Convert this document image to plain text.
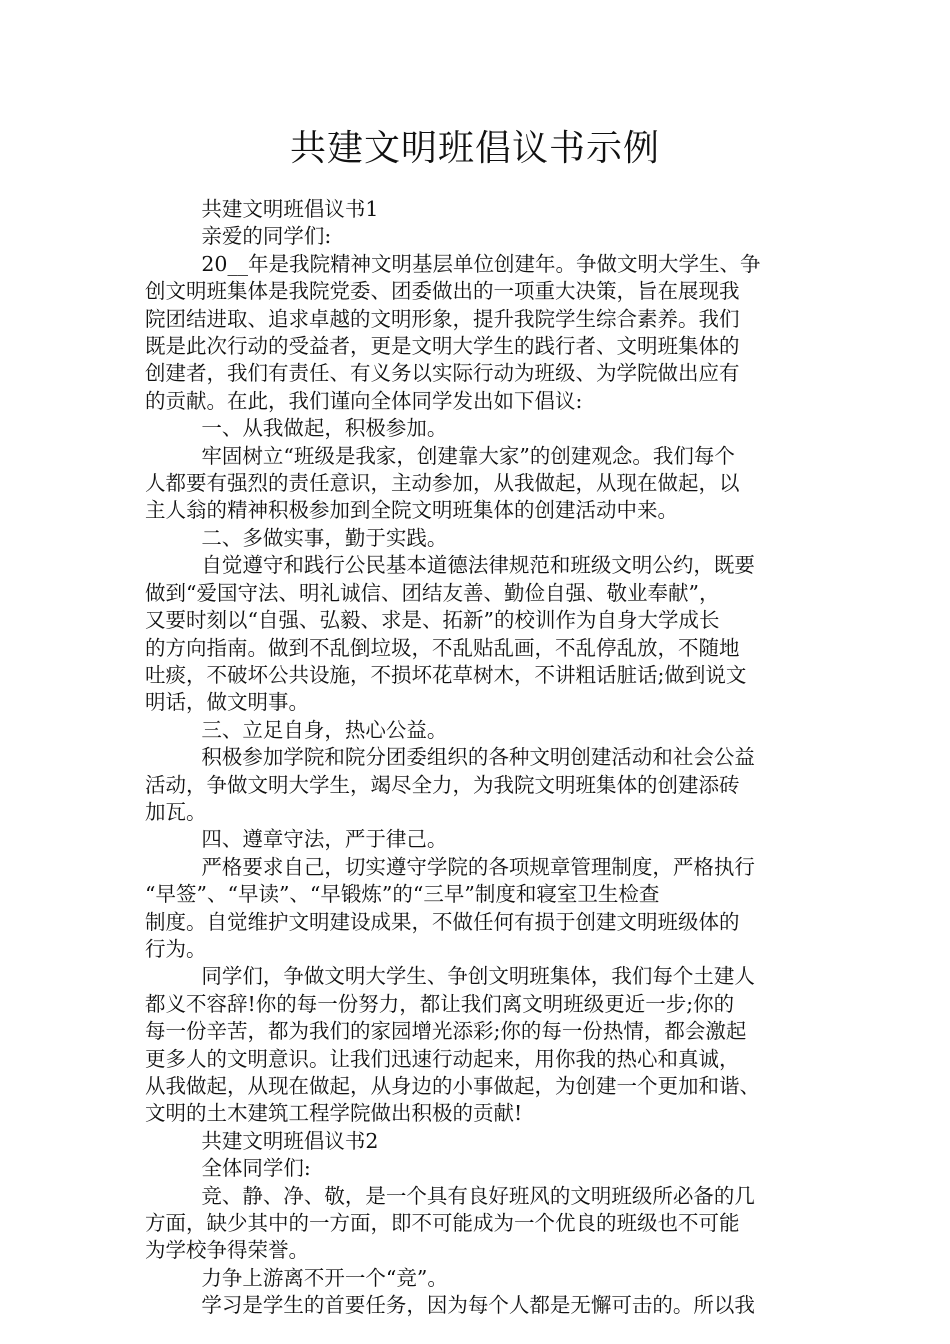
共建文明班倡议书示例

共建文明班倡议书1

亲爱的同学们:

20__年是我院精神文明基层单位创建年。争做文明大学生、争

创文明班集体是我院党委、团委做出的一项重大决策，旨在展现我

院团结进取、追求卓越的文明形象，提升我院学生综合素养。我们

既是此次行动的受益者，更是文明大学生的践行者、文明班集体的

创建者，我们有责任、有义务以实际行动为班级、为学院做出应有

的贡献。在此，我们谨向全体同学发出如下倡议:

一、从我做起，积极参加。

牢固树立“班级是我家，创建靠大家”的创建观念。我们每个

人都要有强烈的责任意识，主动参加，从我做起，从现在做起，以

主人翁的精神积极参加到全院文明班集体的创建活动中来。

二、多做实事，勤于实践。

自觉遵守和践行公民基本道德法律规范和班级文明公约，既要

做到“爱国守法、明礼诚信、团结友善、勤俭自强、敬业奉献”，

又要时刻以“自强、弘毅、求是、拓新”的校训作为自身大学成长

的方向指南。做到不乱倒垃圾，不乱贴乱画，不乱停乱放，不随地

吐痰，不破坏公共设施，不损坏花草树木，不讲粗话脏话;做到说文

明话，做文明事。

三、立足自身，热心公益。

积极参加学院和院分团委组织的各种文明创建活动和社会公益

活动，争做文明大学生，竭尽全力，为我院文明班集体的创建添砖

加瓦。

四、遵章守法，严于律己。

严格要求自己，切实遵守学院的各项规章管理制度，严格执行

“早签”、“早读”、“早锻炼”的“三早”制度和寝室卫生检查

制度。自觉维护文明建设成果，不做任何有损于创建文明班级体的

行为。

同学们，争做文明大学生、争创文明班集体，我们每个土建人

都义不容辞!你的每一份努力，都让我们离文明班级更近一步;你的

每一份辛苦，都为我们的家园增光添彩;你的每一份热情，都会激起

更多人的文明意识。让我们迅速行动起来，用你我的热心和真诚，

从我做起，从现在做起，从身边的小事做起，为创建一个更加和谐、

文明的土木建筑工程学院做出积极的贡献!

共建文明班倡议书2

全体同学们:

竞、静、净、敬，是一个具有良好班风的文明班级所必备的几

方面，缺少其中的一方面，即不可能成为一个优良的班级也不可能

为学校争得荣誉。

力争上游离不开一个“竞”。

学习是学生的首要任务，因为每个人都是无懈可击的。所以我
